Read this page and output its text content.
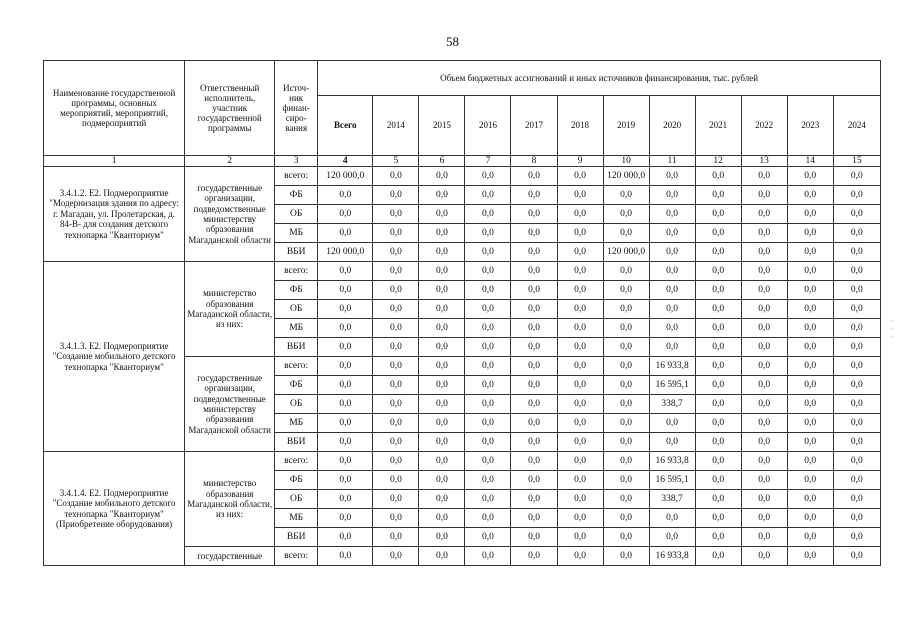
58
Наименование государственной программы, основных мероприятий, мероприятий, подмероприятий	Ответственный исполнитель, участник государственной программы	Источ-ник финан-сиро-вания	Объем бюджетных ассигнований и иных источников финансирования, тыс. рублей											
			Всего	2014	2015	2016	2017	2018	2019	2020	2021	2022	2023	2024
1	2	3	4	5	6	7	8	9	10	11	12	13	14	15
3.4.1.2. Е2. Подмероприятие "Модернизация здания по адресу: г. Магадан, ул. Пролетарская, д. 84-В- для создания детского технопарка "Кванториум"	государственные организации, подведомственные министерству образования Магаданской области	всего:	120 000,0	0,0	0,0	0,0	0,0	0,0	120 000,0	0,0	0,0	0,0	0,0	0,0
		ФБ	0,0	0,0	0,0	0,0	0,0	0,0	0,0	0,0	0,0	0,0	0,0	0,0
		ОБ	0,0	0,0	0,0	0,0	0,0	0,0	0,0	0,0	0,0	0,0	0,0	0,0
		МБ	0,0	0,0	0,0	0,0	0,0	0,0	0,0	0,0	0,0	0,0	0,0	0,0
		ВБИ	120 000,0	0,0	0,0	0,0	0,0	0,0	120 000,0	0,0	0,0	0,0	0,0	0,0
3.4.1.3. Е2. Подмероприятие "Создание мобильного детского технопарка "Кванториум"	министерство образования Магаданской области, из них:	всего:	0,0	0,0	0,0	0,0	0,0	0,0	0,0	0,0	0,0	0,0	0,0	0,0
		ФБ	0,0	0,0	0,0	0,0	0,0	0,0	0,0	0,0	0,0	0,0	0,0	0,0
		ОБ	0,0	0,0	0,0	0,0	0,0	0,0	0,0	0,0	0,0	0,0	0,0	0,0
		МБ	0,0	0,0	0,0	0,0	0,0	0,0	0,0	0,0	0,0	0,0	0,0	0,0
		ВБИ	0,0	0,0	0,0	0,0	0,0	0,0	0,0	0,0	0,0	0,0	0,0	0,0
	государственные организации, подведомственные министерству образования Магаданской области	всего:	0,0	0,0	0,0	0,0	0,0	0,0	0,0	16 933,8	0,0	0,0	0,0	0,0
		ФБ	0,0	0,0	0,0	0,0	0,0	0,0	0,0	16 595,1	0,0	0,0	0,0	0,0
		ОБ	0,0	0,0	0,0	0,0	0,0	0,0	0,0	338,7	0,0	0,0	0,0	0,0
		МБ	0,0	0,0	0,0	0,0	0,0	0,0	0,0	0,0	0,0	0,0	0,0	0,0
		ВБИ	0,0	0,0	0,0	0,0	0,0	0,0	0,0	0,0	0,0	0,0	0,0	0,0
3.4.1.4. Е2. Подмероприятие "Создание мобильного детского технопарка "Кванториум" (Приобретение оборудования)	министерство образования Магаданской области, из них:	всего:	0,0	0,0	0,0	0,0	0,0	0,0	0,0	16 933,8	0,0	0,0	0,0	0,0
		ФБ	0,0	0,0	0,0	0,0	0,0	0,0	0,0	16 595,1	0,0	0,0	0,0	0,0
		ОБ	0,0	0,0	0,0	0,0	0,0	0,0	0,0	338,7	0,0	0,0	0,0	0,0
		МБ	0,0	0,0	0,0	0,0	0,0	0,0	0,0	0,0	0,0	0,0	0,0	0,0
		ВБИ	0,0	0,0	0,0	0,0	0,0	0,0	0,0	0,0	0,0	0,0	0,0	0,0
	государственные	всего:	0,0	0,0	0,0	0,0	0,0	0,0	0,0	16 933,8	0,0	0,0	0,0	0,0
·
·
·
